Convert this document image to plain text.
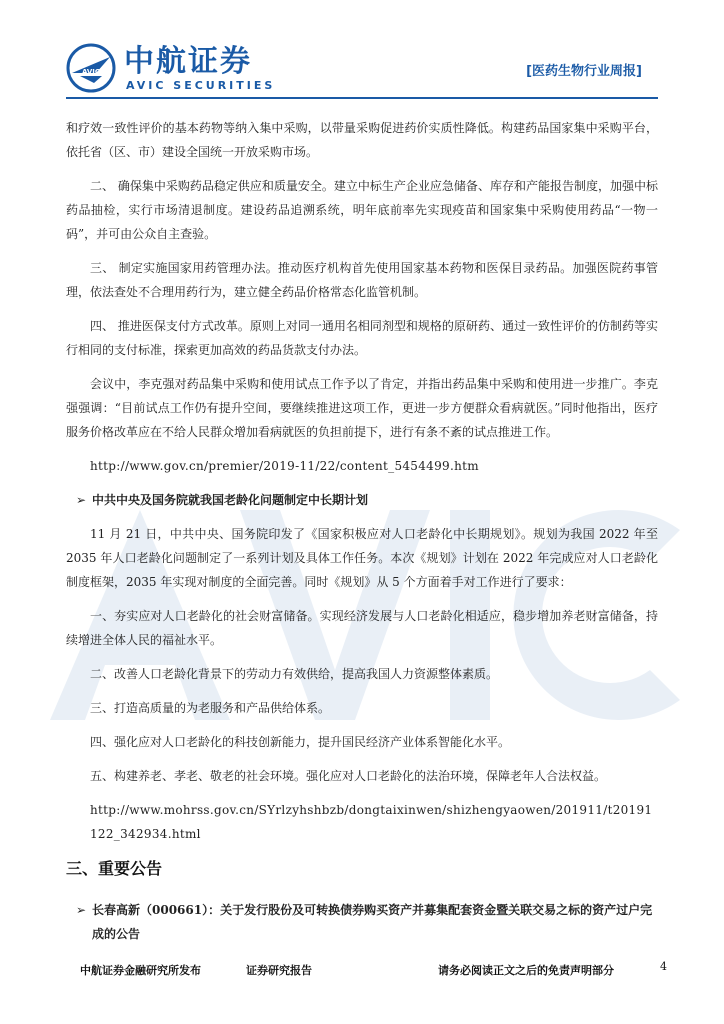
AVIC 中航证券
AVIC SECURITIES
[医药生物行业周报]

和疗效一致性评价的基本药物等纳入集中采购，以带量采购促进药价实质性降低。构建药品国家集中采购平台，依托省（区、市）建设全国统一开放采购市场。

二、 确保集中采购药品稳定供应和质量安全。建立中标生产企业应急储备、库存和产能报告制度，加强中标药品抽检，实行市场清退制度。建设药品追溯系统，明年底前率先实现疫苗和国家集中采购使用药品“一物一码”，并可由公众自主查验。

三、 制定实施国家用药管理办法。推动医疗机构首先使用国家基本药物和医保目录药品。加强医院药事管理，依法查处不合理用药行为，建立健全药品价格常态化监管机制。

四、 推进医保支付方式改革。原则上对同一通用名相同剂型和规格的原研药、通过一致性评价的仿制药等实行相同的支付标准，探索更加高效的药品货款支付办法。

会议中，李克强对药品集中采购和使用试点工作予以了肯定，并指出药品集中采购和使用进一步推广。李克强强调：“目前试点工作仍有提升空间，要继续推进这项工作，更进一步方便群众看病就医。”同时他指出，医疗服务价格改革应在不给人民群众增加看病就医的负担前提下，进行有条不紊的试点推进工作。

http://www.gov.cn/premier/2019-11/22/content_5454499.htm

➢ 中共中央及国务院就我国老龄化问题制定中长期计划

11 月 21 日，中共中央、国务院印发了《国家积极应对人口老龄化中长期规划》。规划为我国 2022 年至 2035 年人口老龄化问题制定了一系列计划及具体工作任务。本次《规划》计划在 2022 年完成应对人口老龄化制度框架，2035 年实现对制度的全面完善。同时《规划》从 5 个方面着手对工作进行了要求：

一、夯实应对人口老龄化的社会财富储备。实现经济发展与人口老龄化相适应，稳步增加养老财富储备，持续增进全体人民的福祉水平。

二、改善人口老龄化背景下的劳动力有效供给，提高我国人力资源整体素质。

三、打造高质量的为老服务和产品供给体系。

四、强化应对人口老龄化的科技创新能力，提升国民经济产业体系智能化水平。

五、构建养老、孝老、敬老的社会环境。强化应对人口老龄化的法治环境，保障老年人合法权益。

http://www.mohrss.gov.cn/SYrlzyhshbzb/dongtaixinwen/shizhengyaowen/201911/t20191122_342934.html

三、重要公告
➢ 长春高新（000661）：关于发行股份及可转换债券购买资产并募集配套资金暨关联交易之标的资产过户完成的公告
中航证券金融研究所发布	证券研究报告	请务必阅读正文之后的免责声明部分	4
